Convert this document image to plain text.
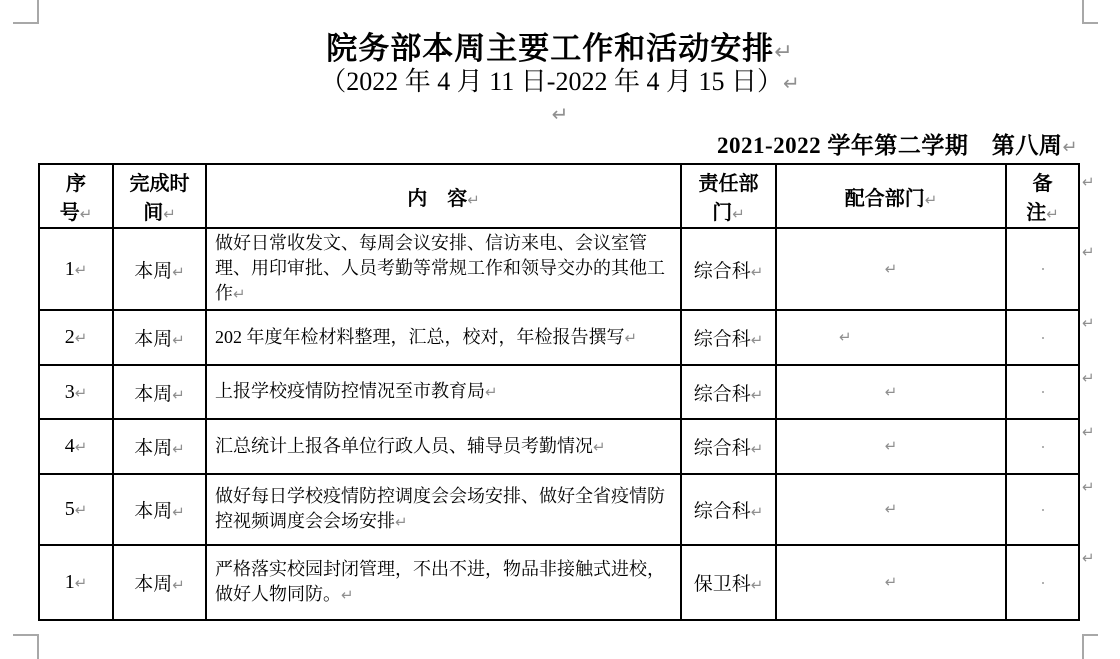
院务部本周主要工作和活动安排↵
（2022 年 4 月 11 日-2022 年 4 月 15 日）↵
↵
2021-2022 学年第二学期　第八周↵
序　号↵	完成时间↵	内　容↵	责任部门↵	配合部门↵	备　注↵
1↵	本周↵	做好日常收发文、每周会议安排、信访来电、会议室管理、用印审批、人员考勤等常规工作和领导交办的其他工作↵	综合科↵	↵	
2↵	本周↵	202 年度年检材料整理，汇总，校对，年检报告撰写↵	综合科↵	↵	
3↵	本周↵	上报学校疫情防控情况至市教育局↵	综合科↵	↵	
4↵	本周↵	汇总统计上报各单位行政人员、辅导员考勤情况↵	综合科↵	↵	
5↵	本周↵	做好每日学校疫情防控调度会会场安排、做好全省疫情防控视频调度会会场安排↵	综合科↵	↵	
1↵	本周↵	严格落实校园封闭管理，不出不进，物品非接触式进校，做好人物同防。↵	保卫科↵	↵	
↵
↵
↵
↵
↵
↵
↵
